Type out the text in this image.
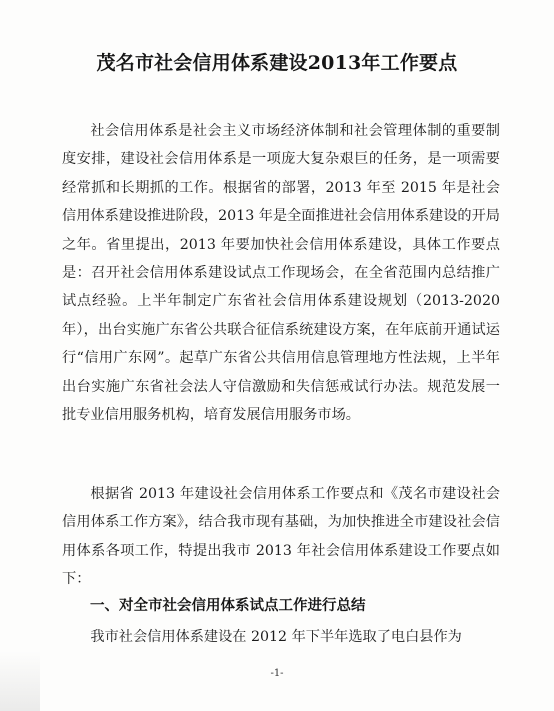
茂名市社会信用体系建设2013年工作要点

社会信用体系是社会主义市场经济体制和社会管理体制的重要制度安排，建设社会信用体系是一项庞大复杂艰巨的任务，是一项需要经常抓和长期抓的工作。根据省的部署，2013 年至 2015 年是社会信用体系建设推进阶段，2013 年是全面推进社会信用体系建设的开局之年。省里提出，2013 年要加快社会信用体系建设，具体工作要点是：召开社会信用体系建设试点工作现场会，在全省范围内总结推广试点经验。上半年制定广东省社会信用体系建设规划（2013-2020 年），出台实施广东省公共联合征信系统建设方案，在年底前开通试运行“信用广东网”。起草广东省公共信用信息管理地方性法规，上半年出台实施广东省社会法人守信激励和失信惩戒试行办法。规范发展一批专业信用服务机构，培育发展信用服务市场。

根据省 2013 年建设社会信用体系工作要点和《茂名市建设社会信用体系工作方案》，结合我市现有基础，为加快推进全市建设社会信用体系各项工作，特提出我市 2013 年社会信用体系建设工作要点如下：

一、对全市社会信用体系试点工作进行总结

我市社会信用体系建设在 2012 年下半年选取了电白县作为

-1-
